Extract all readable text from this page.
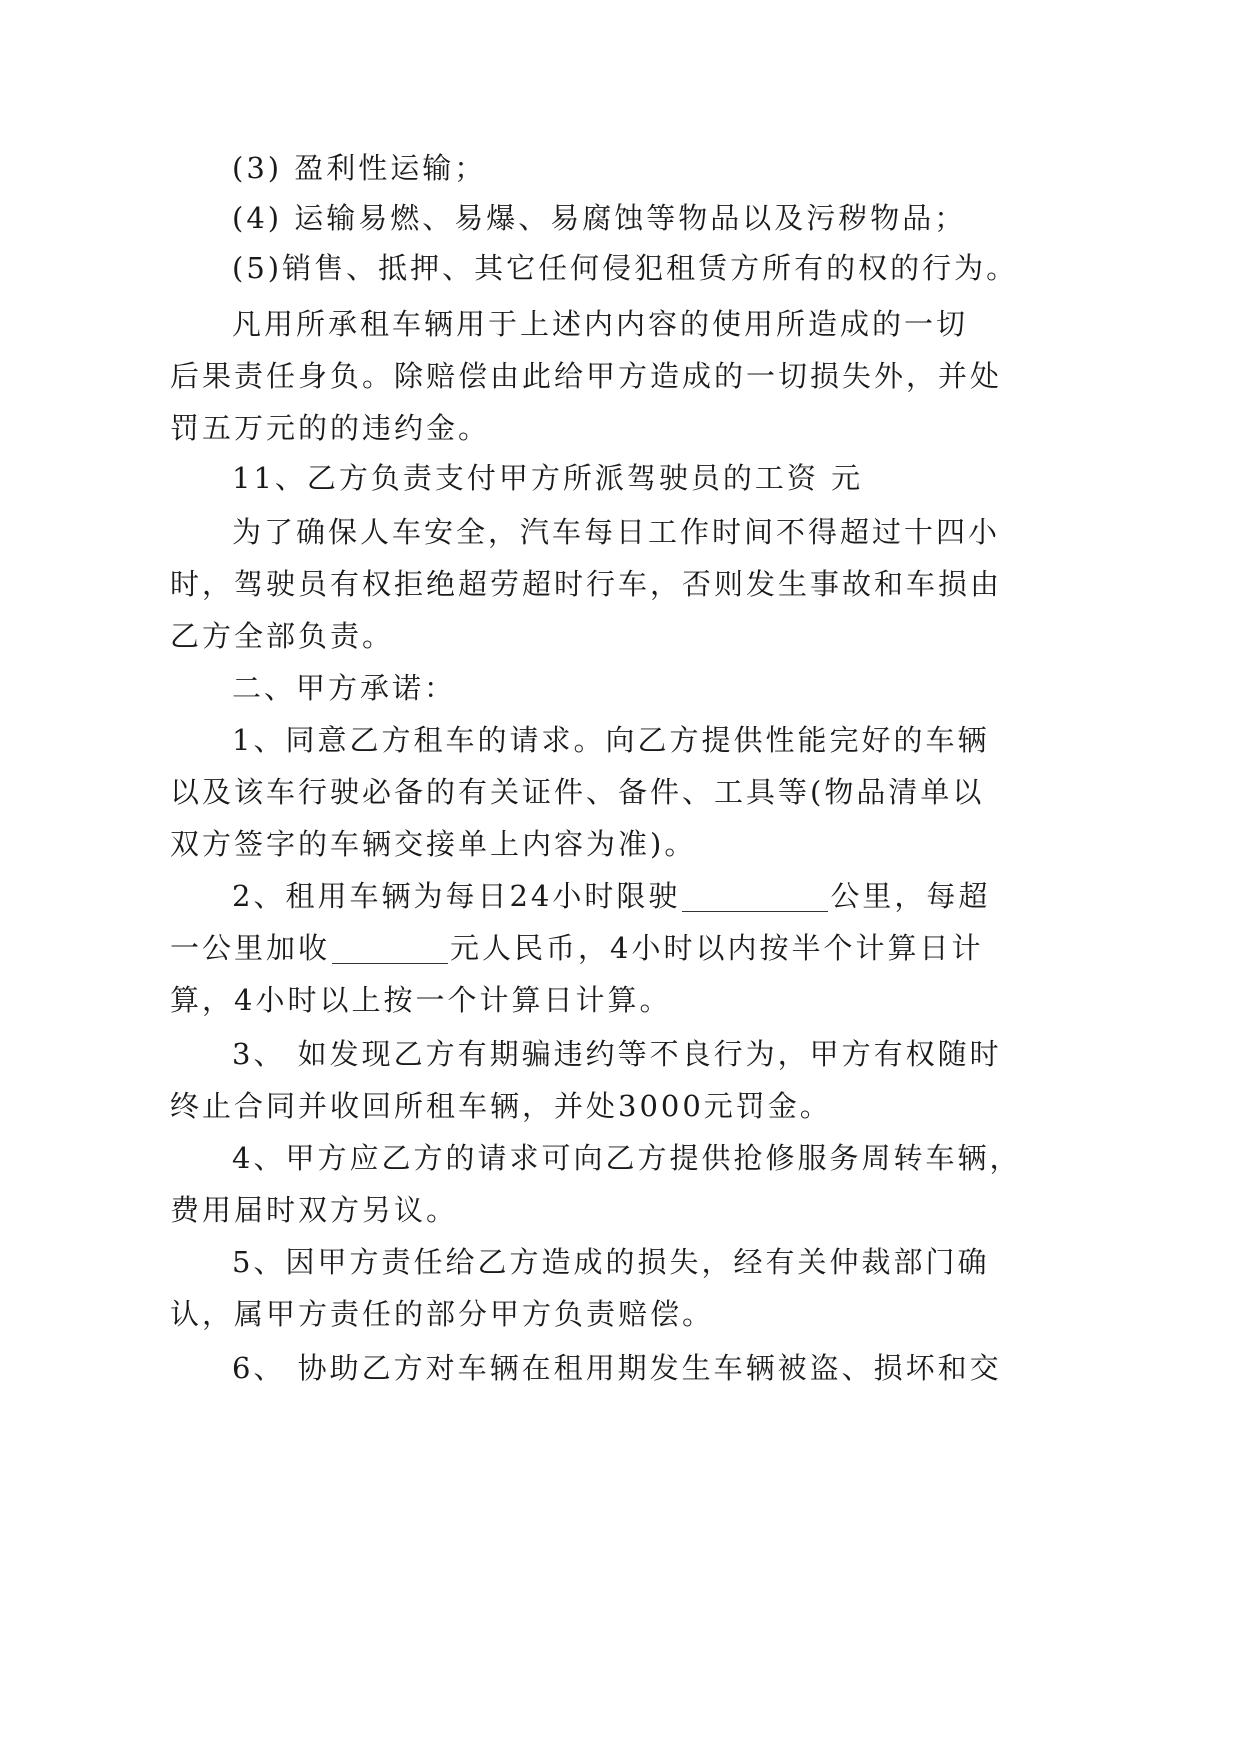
(3) 盈利性运输；
(4) 运输易燃、易爆、易腐蚀等物品以及污秽物品；
(5)销售、抵押、其它任何侵犯租赁方所有的权的行为。
凡用所承租车辆用于上述内内容的使用所造成的一切
后果责任身负。除赔偿由此给甲方造成的一切损失外，并处
罚五万元的的违约金。
11、乙方负责支付甲方所派驾驶员的工资 元
为了确保人车安全，汽车每日工作时间不得超过十四小
时，驾驶员有权拒绝超劳超时行车，否则发生事故和车损由
乙方全部负责。
二、甲方承诺：
1、同意乙方租车的请求。向乙方提供性能完好的车辆
以及该车行驶必备的有关证件、备件、工具等(物品清单以
双方签字的车辆交接单上内容为准)。
2、租用车辆为每日24小时限驶	公里，每超
一公里加收	元人民币，4小时以内按半个计算日计
算，4小时以上按一个计算日计算。
3、 如发现乙方有期骗违约等不良行为，甲方有权随时
终止合同并收回所租车辆，并处3000元罚金。
4、甲方应乙方的请求可向乙方提供抢修服务周转车辆，
费用届时双方另议。
5、因甲方责任给乙方造成的损失，经有关仲裁部门确
认，属甲方责任的部分甲方负责赔偿。
6、 协助乙方对车辆在租用期发生车辆被盗、损坏和交
